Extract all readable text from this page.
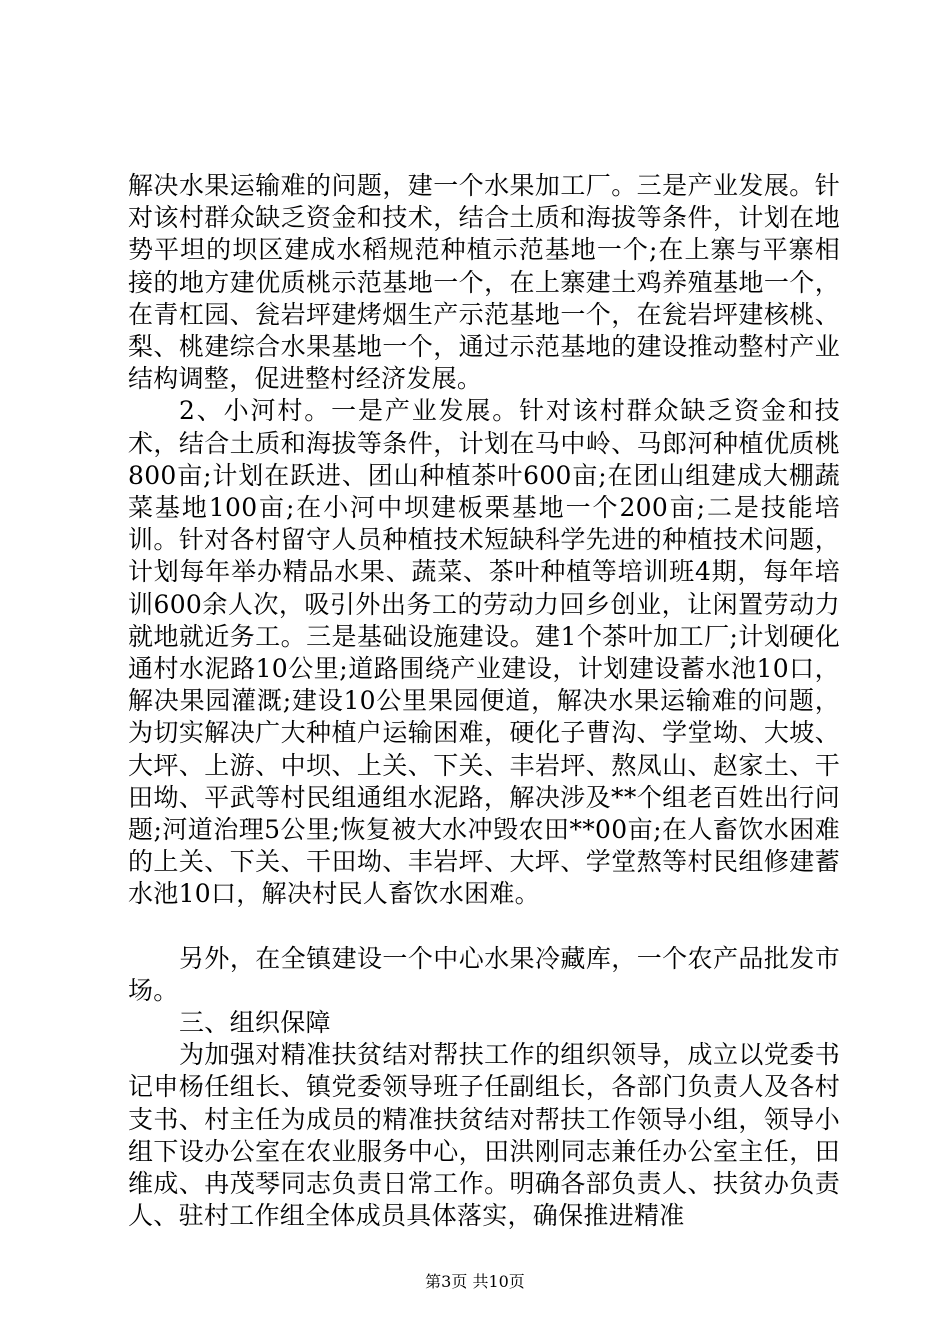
解决水果运输难的问题，建一个水果加工厂。三是产业发展。针对该村群众缺乏资金和技术，结合土质和海拔等条件，计划在地势平坦的坝区建成水稻规范种植示范基地一个;在上寨与平寨相接的地方建优质桃示范基地一个，在上寨建土鸡养殖基地一个，在青杠园、瓮岩坪建烤烟生产示范基地一个，在瓮岩坪建核桃、梨、桃建综合水果基地一个，通过示范基地的建设推动整村产业结构调整，促进整村经济发展。

2、小河村。一是产业发展。针对该村群众缺乏资金和技术，结合土质和海拔等条件，计划在马中岭、马郎河种植优质桃800亩;计划在跃进、团山种植茶叶600亩;在团山组建成大棚蔬菜基地100亩;在小河中坝建板栗基地一个200亩;二是技能培训。针对各村留守人员种植技术短缺科学先进的种植技术问题，计划每年举办精品水果、蔬菜、茶叶种植等培训班4期，每年培训600余人次，吸引外出务工的劳动力回乡创业，让闲置劳动力就地就近务工。三是基础设施建设。建1个茶叶加工厂;计划硬化通村水泥路10公里;道路围绕产业建设，计划建设蓄水池10口，解决果园灌溉;建设10公里果园便道，解决水果运输难的问题，为切实解决广大种植户运输困难，硬化子曹沟、学堂坳、大坡、大坪、上游、中坝、上关、下关、丰岩坪、熬凤山、赵家土、干田坳、平武等村民组通组水泥路，解决涉及**个组老百姓出行问题;河道治理5公里;恢复被大水冲毁农田**00亩;在人畜饮水困难的上关、下关、干田坳、丰岩坪、大坪、学堂熬等村民组修建蓄水池10口，解决村民人畜饮水困难。

另外，在全镇建设一个中心水果冷藏库，一个农产品批发市场。

三、组织保障

为加强对精准扶贫结对帮扶工作的组织领导，成立以党委书记申杨任组长、镇党委领导班子任副组长，各部门负责人及各村支书、村主任为成员的精准扶贫结对帮扶工作领导小组，领导小组下设办公室在农业服务中心，田洪刚同志兼任办公室主任，田维成、冉茂琴同志负责日常工作。明确各部负责人、扶贫办负责人、驻村工作组全体成员具体落实，确保推进精准

第3页 共10页
